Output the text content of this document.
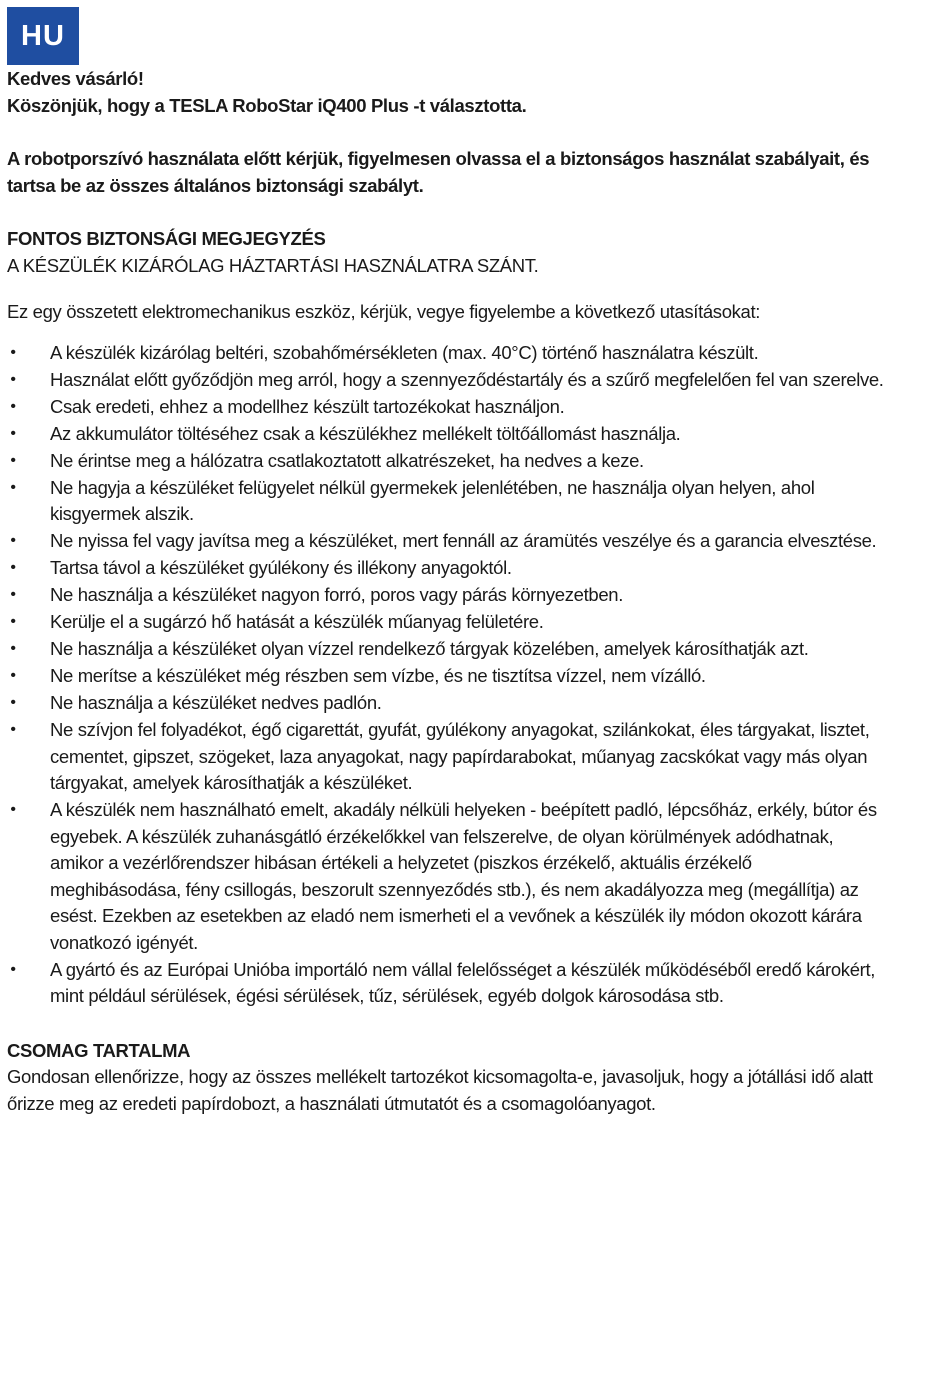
HU

Kedves vásárló!

Köszönjük, hogy a TESLA RoboStar iQ400 Plus -t választotta.

A robotporszívó használata előtt kérjük, figyelmesen olvassa el a biztonságos használat szabályait, és tartsa be az összes általános biztonsági szabályt.

FONTOS BIZTONSÁGI MEGJEGYZÉS

A KÉSZÜLÉK KIZÁRÓLAG HÁZTARTÁSI HASZNÁLATRA SZÁNT.

Ez egy összetett elektromechanikus eszköz, kérjük, vegye figyelembe a következő utasításokat:

• A készülék kizárólag beltéri, szobahőmérsékleten (max. 40°C) történő használatra készült.
• Használat előtt győződjön meg arról, hogy a szennyeződéstartály és a szűrő megfelelően fel van szerelve.
• Csak eredeti, ehhez a modellhez készült tartozékokat használjon.
• Az akkumulátor töltéséhez csak a készülékhez mellékelt töltőállomást használja.
• Ne érintse meg a hálózatra csatlakoztatott alkatrészeket, ha nedves a keze.
• Ne hagyja a készüléket felügyelet nélkül gyermekek jelenlétében, ne használja olyan helyen, ahol kisgyermek alszik.
• Ne nyissa fel vagy javítsa meg a készüléket, mert fennáll az áramütés veszélye és a garancia elvesztése.
• Tartsa távol a készüléket gyúlékony és illékony anyagoktól.
• Ne használja a készüléket nagyon forró, poros vagy párás környezetben.
• Kerülje el a sugárzó hő hatását a készülék műanyag felületére.
• Ne használja a készüléket olyan vízzel rendelkező tárgyak közelében, amelyek károsíthatják azt.
• Ne merítse a készüléket még részben sem vízbe, és ne tisztítsa vízzel, nem vízálló.
• Ne használja a készüléket nedves padlón.
• Ne szívjon fel folyadékot, égő cigarettát, gyufát, gyúlékony anyagokat, szilánkokat, éles tárgyakat, lisztet, cementet, gipszet, szögeket, laza anyagokat, nagy papírdarabokat, műanyag zacskókat vagy más olyan tárgyakat, amelyek károsíthatják a készüléket.
• A készülék nem használható emelt, akadály nélküli helyeken - beépített padló, lépcsőház, erkély, bútor és egyebek. A készülék zuhanásgátló érzékelőkkel van felszerelve, de olyan körülmények adódhatnak, amikor a vezérlőrendszer hibásan értékeli a helyzetet (piszkos érzékelő, aktuális érzékelő meghibásodása, fény csillogás, beszorult szennyeződés stb.), és nem akadályozza meg (megállítja) az esést. Ezekben az esetekben az eladó nem ismerheti el a vevőnek a készülék ily módon okozott kárára vonatkozó igényét.
• A gyártó és az Európai Unióba importáló nem vállal felelősséget a készülék működéséből eredő károkért, mint például sérülések, égési sérülések, tűz, sérülések, egyéb dolgok károsodása stb.

CSOMAG TARTALMA

Gondosan ellenőrizze, hogy az összes mellékelt tartozékot kicsomagolta-e, javasoljuk, hogy a jótállási idő alatt őrizze meg az eredeti papírdobozt, a használati útmutatót és a csomagolóanyagot.
